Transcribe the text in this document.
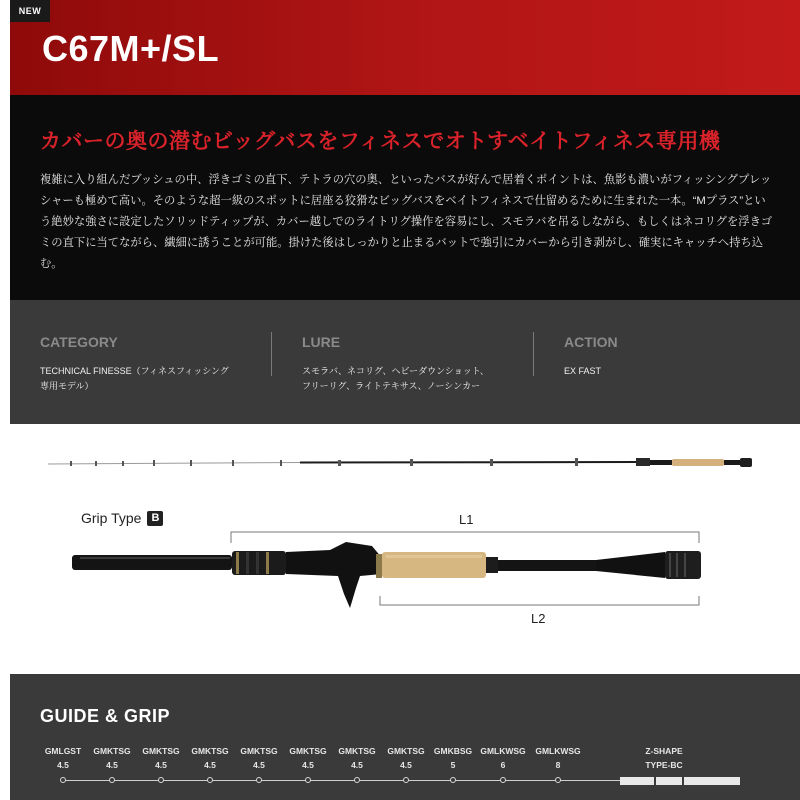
NEW
C67M+/SL
カバーの奥の潜むビッグバスをフィネスでオトすベイトフィネス専用機
複雑に入り組んだブッシュの中、浮きゴミの直下、テトラの穴の奥、といったバスが好んで居着くポイントは、魚影も濃いがフィッシングプレッ
シャーも極めて高い。そのような超一級のスポットに居座る狡猾なビッグバスをベイトフィネスで仕留めるために生まれた一本。“Mプラス”とい
う絶妙な強さに設定したソリッドティップが、カバー越しでのライトリグ操作を容易にし、スモラバを吊るしながら、もしくはネコリグを浮きゴ
ミの直下に当てながら、繊細に誘うことが可能。掛けた後はしっかりと止まるバットで強引にカバーから引き剥がし、確実にキャッチへ持ち込
む。
CATEGORY
TECHNICAL FINESSE（フィネスフィッシング
専用モデル）
LURE
スモラバ、ネコリグ、ヘビーダウンショット、
フリーリグ、ライトテキサス、ノーシンカー
ACTION
EX FAST
Grip Type B	L1
L2
GUIDE & GRIP
GMLGST
4.5
GMKTSG
4.5
GMKTSG
4.5
GMKTSG
4.5
GMKTSG
4.5
GMKTSG
4.5
GMKTSG
4.5
GMKTSG
4.5
GMKBSG
5
GMLKWSG
6
GMLKWSG
8
Z-SHAPE
TYPE-BC
